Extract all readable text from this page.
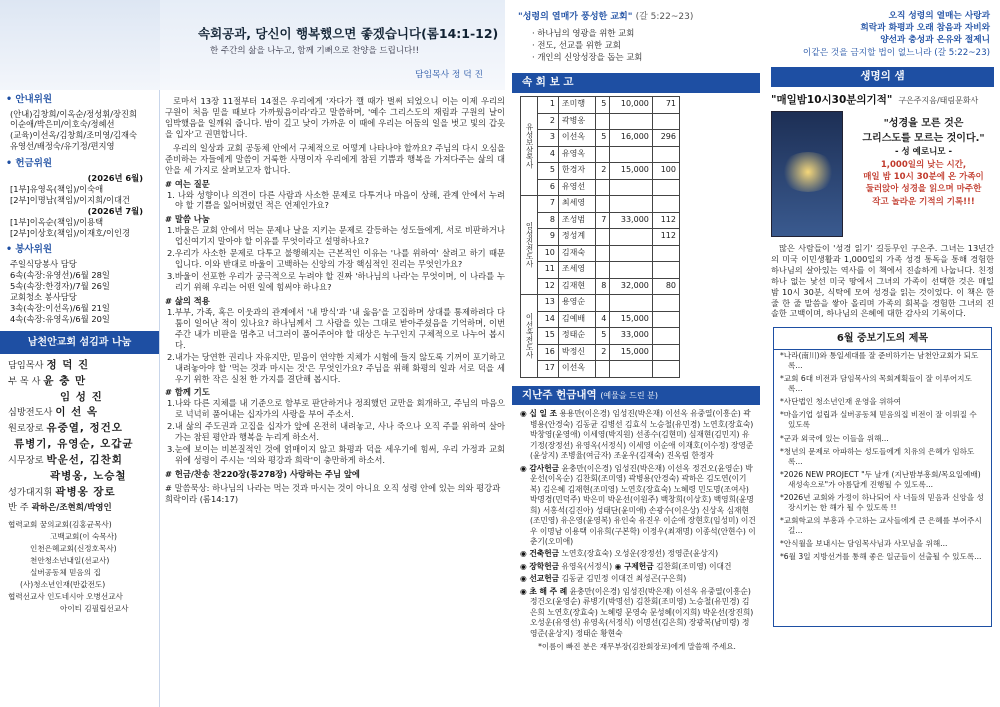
속회공과, 당신이 행복했으면 좋겠습니다(롬14:1-12)
한 주간의 삶을 나누고, 함께 기뻐으로 찬양을 드립니다!!
담임목사 정 덕 진
• 안내위원
(안내)김창희/이옥순/정성휘/장진희
이순애/박은미/이호숙/정혜선
(교육)이선옥/김창희/조미영/김재숙
유영선/배정숙/유기정/편지영
• 헌금위원
(2026년 6월)
[1부]유영옥(책임)/이숙애
[2부]이명남(책임)/이지희/이대건
(2026년 7월)
[1부]이옥순(책임)/이용택
[2부]이상호(책임)/이재호/이인경
• 봉사위원
주일식당봉사 담당
6속(속장:유영선)/6월 28일
5속(속장:한경자)/7월 26일
교회청소 봉사담당
3속(속장:이선옥)/6월 21일
4속(속장:유영옥)/6월 20일
남천안교회 섬김과 나눔
담임목사 정 덕 진
부 목 사 윤 충 만
임 성 진
심방전도사 이 선 옥
원로장로 유중열, 정건오
류병기, 유영순, 오갑균
시무장로 박운선, 김찬회
곽병옹, 노승철
성가대지휘 곽병옹 장로
반 주 곽하은/조현희/박영인
협력교회 꿈의교회(김홍균목사)
고백교회(이 숙목사)
인천은혜교회(신정호목사)
천안청소년내일(선교사)
실버공동체 믿음의 집
(사)청소년인재(반값전도)
협력선교사 인도네시아 오병선교사
아이티 김필립선교사

로마서 13장 11절부터 14절은 우리에게 '자다가 깰 때가 벌써 되었으니 이는 이제 우리의 구원이 처음 믿을 때보다 가까웠음이라'라고 말씀하며, '예수 그리스도의 재림과 구원의 날이 임박했음을 일깨워 줍니다. 밤이 깊고 낮이 가까운 이 때에 우리는 어둠의 일을 벗고 빛의 갑옷을 입자'고 권면합니다.

우리의 일상과 교회 공동체 안에서 구체적으로 어떻게 나타나야 할까요? 주님의 다시 오심을 준비하는 자들에게 말씀이 거룩한 사명이자 우리에게 참된 기쁨과 행복을 가져다주는 삶의 대안을 세 가지로 살펴보고자 합니다.

# 여는 질문
1. 나와 성향이나 의견이 다른 사람과 사소한 문제로 다투거나 마음이 상해, 관계 안에서 누려야 할 기쁨을 잃어버렸던 적은 언제인가요?
# 말씀 나눔
1.바울은 교회 안에서 먹는 문제나 날을 지키는 문제로 갈등하는 성도들에게, 서로 비판하거나 업신여기지 말아야 할 이유를 무엇이라고 설명하나요?
2.우리가 사소한 문제로 다투고 불행해지는 근본적인 이유는 '나를 위하여' 살려고 하기 때문입니다. 이와 반대로 바울이 고백하는 신앙의 가장 핵심적인 진리는 무엇인가요?
3.바울이 선포한 우리가 궁극적으로 누려야 할 진짜 '하나님의 나라'는 무엇이며, 이 나라를 누리기 위해 우리는 어떤 일에 힘써야 하나요?
# 삶의 적용
1.부부, 가족, 혹은 이웃과의 관계에서 '내 방식'과 '내 옳음'을 고집하며 상대를 통제하려다 다툼이 일어난 적이 있나요? 하나님께서 그 사람을 있는 그대로 받아주셨음을 기억하며, 이번 주간 내가 비판을 멈추고 너그러이 품어주어야 할 대상은 누구인지 구체적으로 나누어 봅시다.
2.내가는 당연한 권리나 자유지만, 믿음이 연약한 지체가 시험에 들지 않도록 기꺼이 포기하고 내려놓아야 할 '먹는 것과 마시는 것'은 무엇인가요? 주님을 위해 화평의 일과 서로 덕을 세우기 위한 작은 실천 한 가지를 결단해 봅시다.
# 함께 기도
1.나와 다른 지체를 내 기준으로 함부로 판단하거나 정죄했던 교만을 회개하고, 주님의 마음으로 넉넉히 품어내는 십자가의 사랑을 부어 주소서.
2.내 삶의 주도권과 고집을 십자가 앞에 온전히 내려놓고, 사나 죽으나 오직 주를 위하여 살아가는 참된 평안과 행복을 누리게 하소서.
3.눈에 보이는 비본질적인 것에 얽매이지 않고 화평과 덕을 세우기에 힘써, 우리 가정과 교회 위에 성령이 주시는 '의와 평강과 희락'이 충만하게 하소서.
# 헌금/찬송 찬220장(통278장) 사랑하는 주님 앞에
# 말씀묵상: 하나님의 나라는 먹는 것과 마시는 것이 아니요 오직 성령 안에 있는 의와 평강과 희락이라 (롬14:17)
"성령의 열매가 풍성한 교회" (갈 5:22~23)
· 하나님의 영광을 위한 교회
· 전도, 선교를 위한 교회
· 개인의 신앙성장을 돕는 교회
속 회 보 고
유성보살목사	1	조미행	5	10,000	71
	2	곽병옹			
	3	이선옥	5	16,000	296
	4	유영옥			
	5	한경자	2	15,000	100
	6	유영선			
임성진전도사	7	최세영			
	8	조성범	7	33,000	112
	9	정성계			112
	10	김재숙			
	11	조세영			
	12	김재현	8	32,000	80
이선옥전도사	13	용영순			
	14	김예배	4	15,000	
	15	정태순	5	33,000	
	16	박정신	2	15,000	
	17	이선옥			
지난주 헌금내역 (예물을 드린 분)
◉ 십 일 조 용용만(이은경) 임성진(박은재) 이선옥 유중열(이흥순) 곽병용(안경숙) 김동균 김병선 김효식 노승철(유민경) 노연호(장효숙) 박창영(윤영애) 이세영(박지원) 선종수(김현미) 심재현(김민지) 유기정(장정선) 유영옥(서정식) 이세영 이순애 이재호(이수정) 장영준(윤상지) 조병율(여금자) 조윤우(김재숙) 진옥림 한정자
◉ 감사헌금 윤충만(이은경) 임성진(박은재) 이선옥 정건오(윤영순) 박운선(이옥순) 김찬회(조미영) 곽병용(안경숙) 곽하은 김도연(이기복) 김은혜 김재현(조미영) 노연호(장효숙) 노혜령 민도명(조여사) 박명경(민덕주) 박은미 박운선(이원주) 백창희(이상호) 백영희(윤명희) 서홍석(김진아) 성태단(윤미애) 손광수(이은상) 신상옥 심재현(조민영) 유은영(윤영복) 유인숙 유진우 이순애 장현호(임성미) 이건우 이명남 이용택 이유희(구본학) 이정우(최재명) 이종석(안현수) 이춘기(오미애)
◉ 건축헌금 노연호(장효숙) 오성운(장정선) 정영준(윤상지)
◉ 장학헌금 유영옥(서정식) ◉ 구제헌금 김찬회(조미영) 이대건
◉ 선교헌금 김동균 김민정 이대건 최성곤(구은희)
◉ 초 해 주 례 윤충만(이은경) 임성진(박은재) 이선옥 유중열(이흥순) 정건오(윤영순) 류병기(박명선) 김찬회(조미영) 노승철(유민경) 김은희 노연호(장효숙) 노혜령 문영숙 문성혜(이지희) 박운선(장진희) 오성운(유영선) 유영옥(서정식) 이명선(김은희) 장광복(남미령) 정영준(윤상지) 정태순 황현숙
*이름이 빠진 분은 재무부장(김찬회장로)에게 말씀해 주세요.
오직 성령의 열매는 사랑과
희락과 화평과 오래 참음과 자비와
양선과 충성과 온유와 절제니
이같은 것을 금지할 법이 없느니라 (갈 5:22~23)
생명의 샘
"매일밤10시30분의기적" 구은주지음/태림문화사
"성경을 모른 것은
그리스도를 모르는 것이다."
- 성 예로니모 -
1,000일의 낮는 시간,
매일 밤 10시 30분에 온 가족이
둘러앉아 성경을 읽으며 마주한
작고 놀라운 기적의 기록!!!
많은 사람들이 '성경 읽기' 길등무인 구은주. 그녀는 13년간의 미국 이민생활과 1,000일의 가족 성경 통독을 통해 경험한 하나님의 살아있는 역사를 이 책에서 진솔하게 나눕니다. 친정 하나 없는 낯선 미국 땅에서 그녀의 가족이 선택한 것은 매일 밤 10시 30분, 식탁에 모여 성경을 읽는 것이었다. 이 책은 한 줄 한 줄 말씀을 쌓아 올리며 가족의 회복을 경험한 그녀의 진솔한 고백이며, 하나님의 은혜에 대한 감사의 기록이다.
6월 중보기도의 제목
*나라(南川)와 통일세대를 잘 준비하기는 남천안교회가 되도록...
*교회 6대 비전과 담임목사의 목회계획들이 잘 이루어지도록...
*사단법인 청소년인재 운영을 위하여
*마을기업 설립과 실버공동체 믿음의집 비전이 잘 이뤄질 수 있도록
*군과 외국에 있는 이들을 위해...
*청년의 문제로 아파하는 성도들에게 치유의 은혜가 임하도록...
*2026 NEW PROJECT "두 날개 (지난밤부흥회/목요일예배) 새성속으로"가 아름답게 진행될 수 있도록...
*2026년 교회와 가정이 하나되어 사 너들의 믿음과 신앙을 성장시키는 한 해가 될 수 있도록 !!
*교회학교의 부흥과 수고하는 교사들에게 큰 은혜를 부어주시길...
*안식월을 보내시는 담임목사님과 사모님을 위해...
*6월 3일 지방선거를 통해 좋은 일군들이 선출될 수 있도록...
